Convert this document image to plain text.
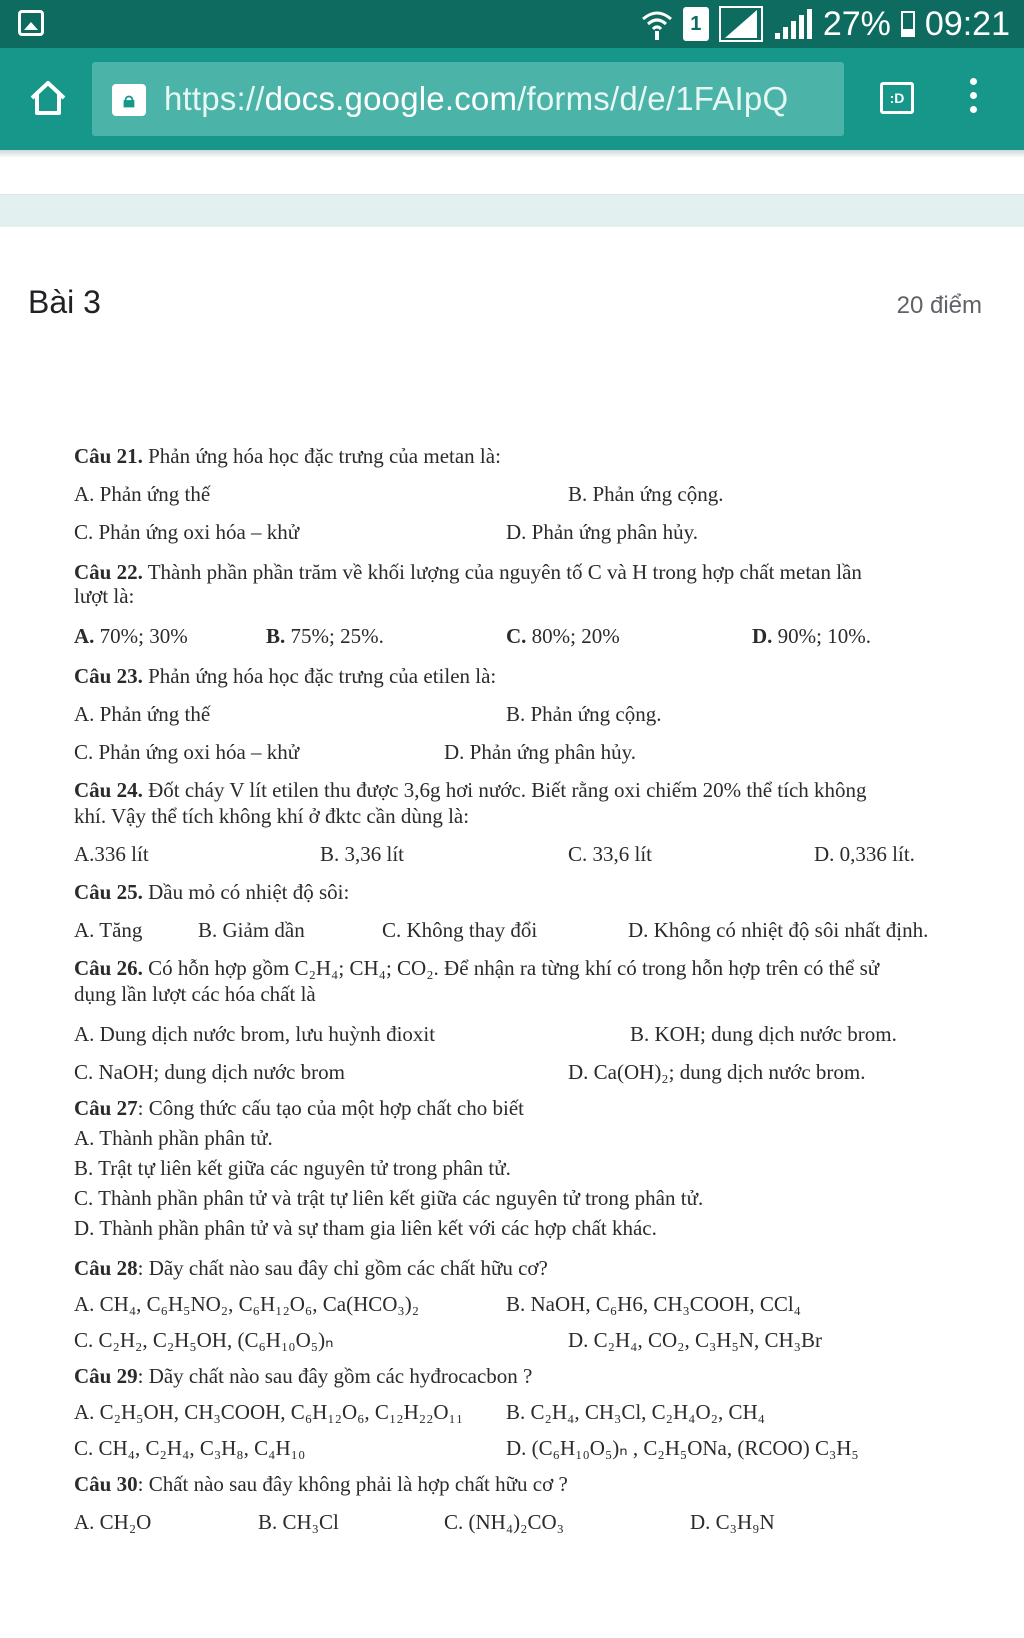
1	27% 09:21
🔒︎ https://docs.google.com/forms/d/e/1FAIpQ	:D
Bài 3	20 điểm
Câu 21. Phản ứng hóa học đặc trưng của metan là:
A. Phản ứng thế	B. Phản ứng cộng.
C. Phản ứng oxi hóa – khử	D. Phản ứng phân hủy.
Câu 22. Thành phần phần trăm về khối lượng của nguyên tố C và H trong hợp chất metan lần
lượt là:
A. 70%; 30%	B. 75%; 25%.	C. 80%; 20%	D. 90%; 10%.
Câu 23. Phản ứng hóa học đặc trưng của etilen là:
A. Phản ứng thế	B. Phản ứng cộng.
C. Phản ứng oxi hóa – khử	D. Phản ứng phân hủy.
Câu 24. Đốt cháy V lít etilen thu được 3,6g hơi nước. Biết rằng oxi chiếm 20% thể tích không
khí. Vậy thể tích không khí ở đktc cần dùng là:
A.336 lít	B. 3,36 lít	C. 33,6 lít	D. 0,336 lít.
Câu 25. Dầu mỏ có nhiệt độ sôi:
A. Tăng	B. Giảm dần	C. Không thay đổi	D. Không có nhiệt độ sôi nhất định.
Câu 26. Có hỗn hợp gồm C₂H₄; CH₄; CO₂. Để nhận ra từng khí có trong hỗn hợp trên có thể sử
dụng lần lượt các hóa chất là
A. Dung dịch nước brom, lưu huỳnh đioxit	B. KOH; dung dịch nước brom.
C. NaOH; dung dịch nước brom	D. Ca(OH)₂; dung dịch nước brom.
Câu 27: Công thức cấu tạo của một hợp chất cho biết
A. Thành phần phân tử.
B. Trật tự liên kết giữa các nguyên tử trong phân tử.
C. Thành phần phân tử và trật tự liên kết giữa các nguyên tử trong phân tử.
D. Thành phần phân tử và sự tham gia liên kết với các hợp chất khác.
Câu 28: Dãy chất nào sau đây chỉ gồm các chất hữu cơ?
A. CH₄, C₆H₅NO₂, C₆H₁₂O₆, Ca(HCO₃)₂	B. NaOH, C₆H6, CH₃COOH, CCl₄
C. C₂H₂, C₂H₅OH, (C₆H₁₀O₅)ₙ	D. C₂H₄, CO₂, C₃H₅N, CH₃Br
Câu 29: Dãy chất nào sau đây gồm các hyđrocacbon ?
A. C₂H₅OH, CH₃COOH, C₆H₁₂O₆, C₁₂H₂₂O₁₁ B. C₂H₄, CH₃Cl, C₂H₄O₂, CH₄
C. CH₄, C₂H₄, C₃H₈, C₄H₁₀	D. (C₆H₁₀O₅)ₙ , C₂H₅ONa, (RCOO) C₃H₅
Câu 30: Chất nào sau đây không phải là hợp chất hữu cơ ?
A. CH₂O	B. CH₃Cl	C. (NH₄)₂CO₃	D. C₃H₉N
